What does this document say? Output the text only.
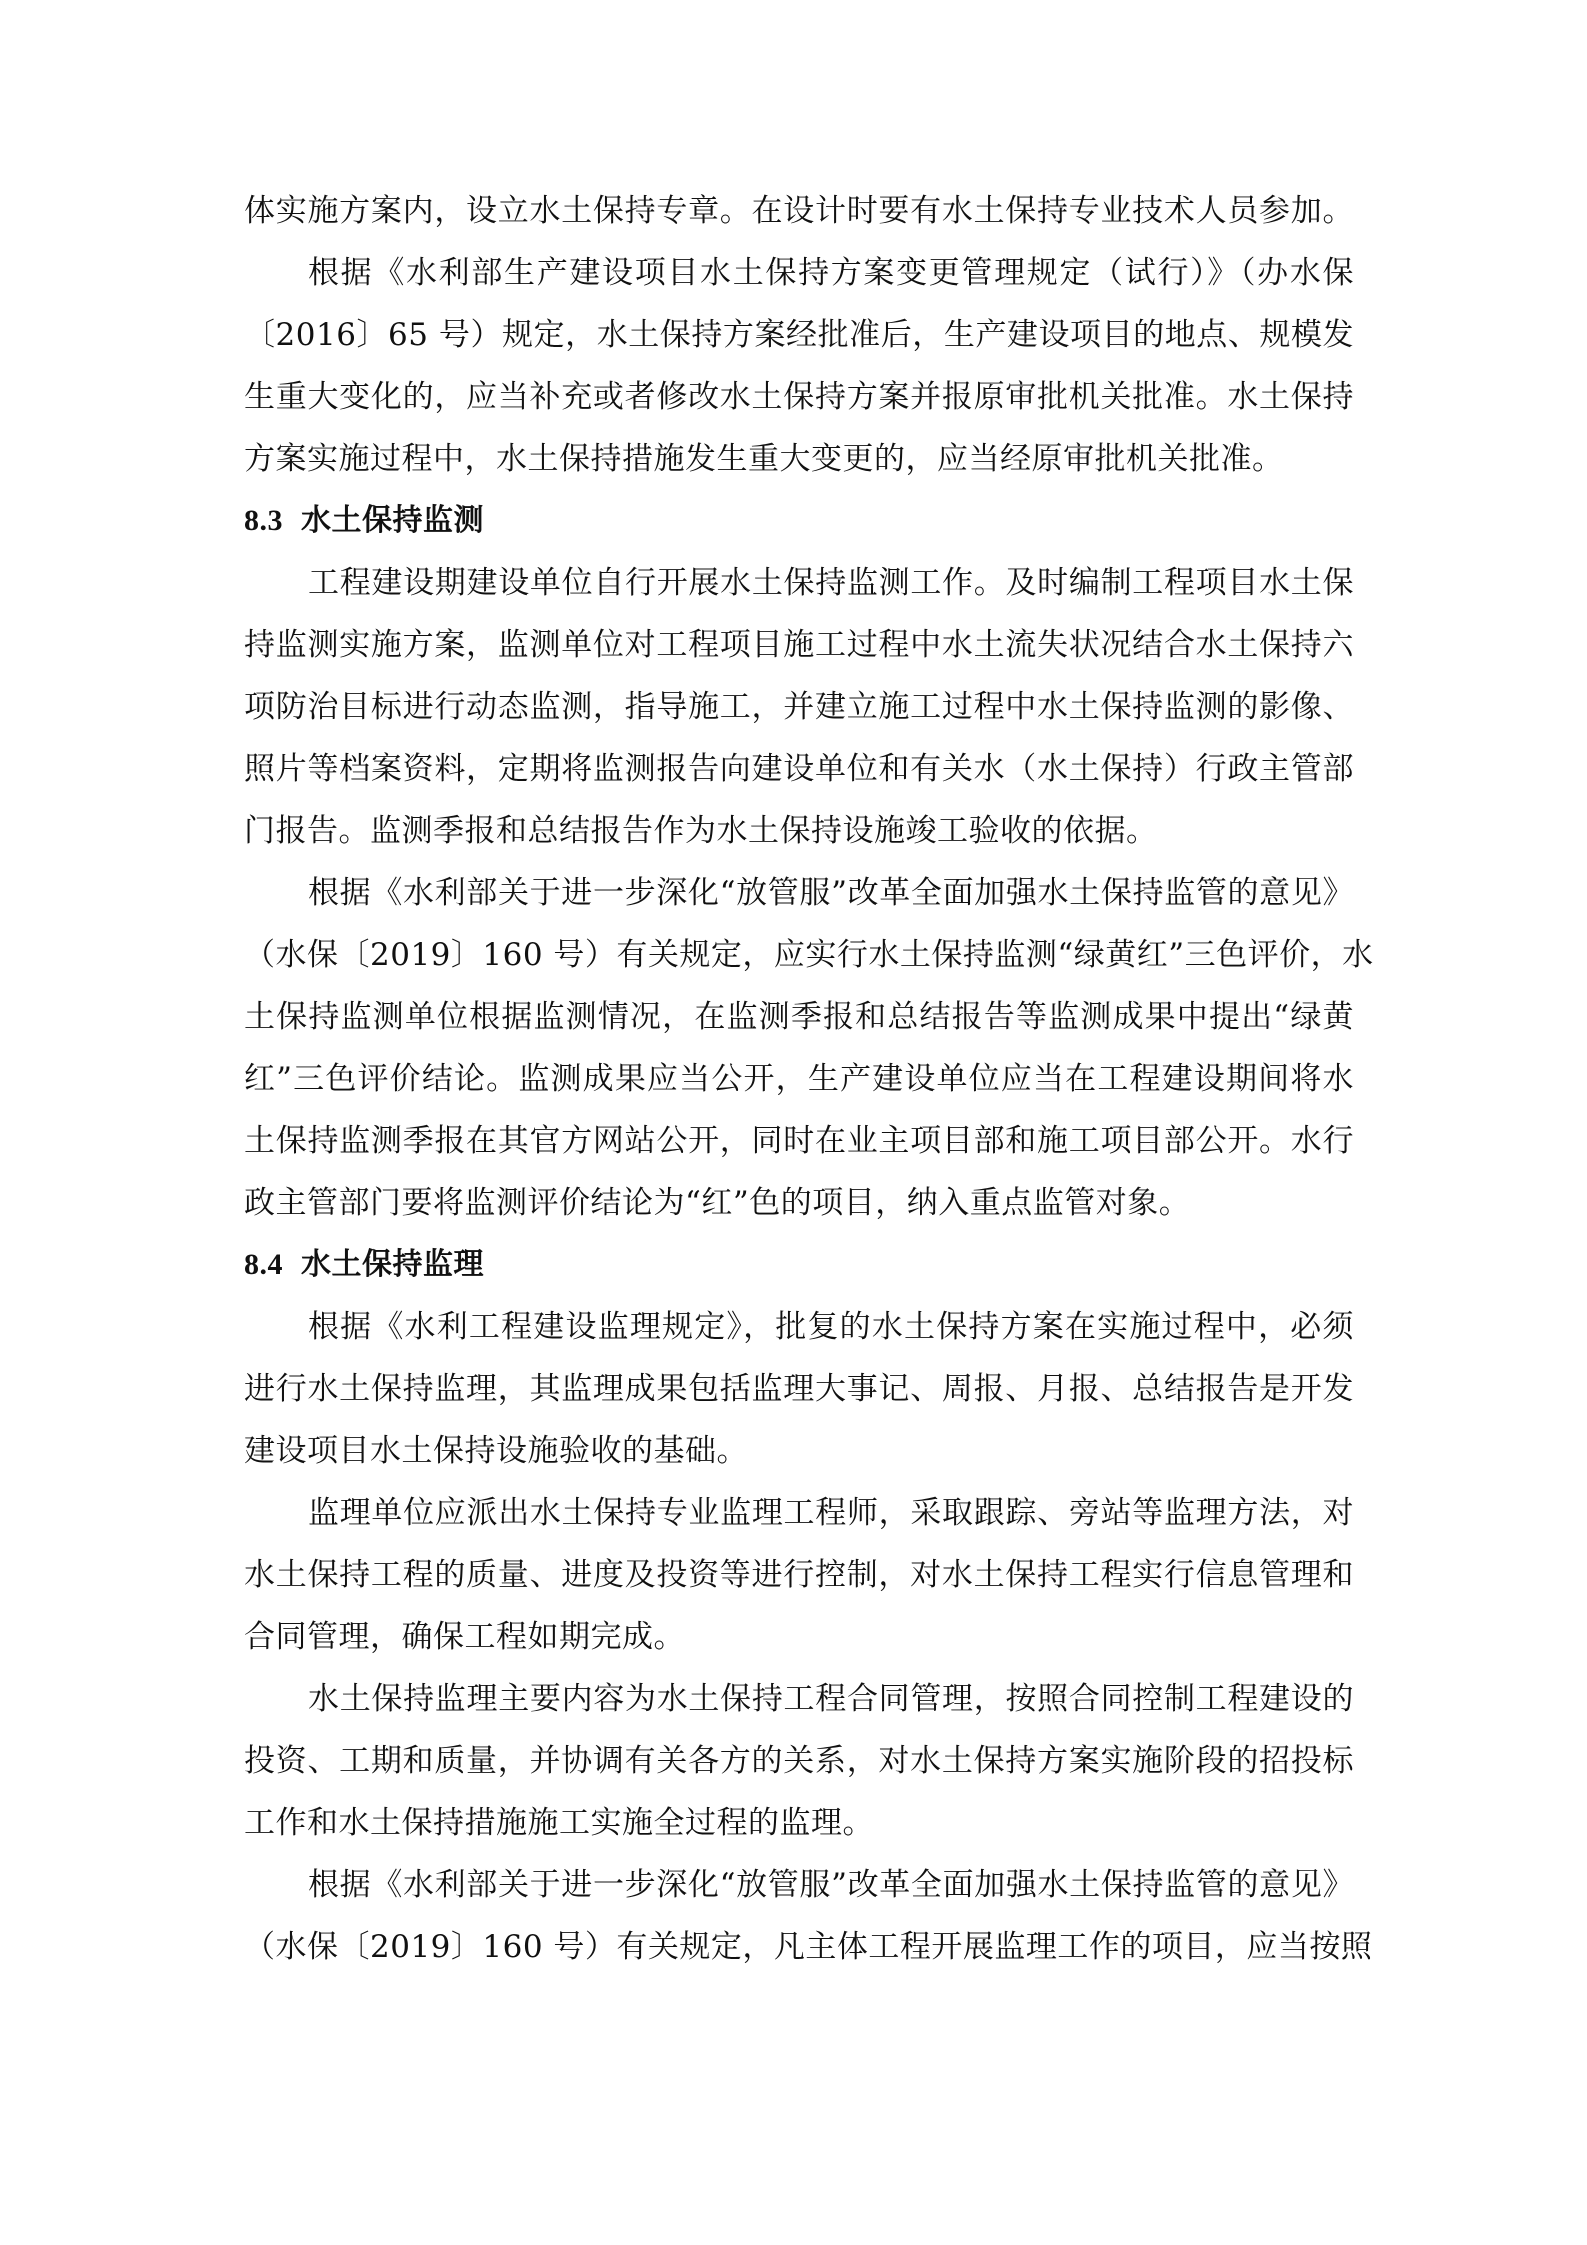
体实施方案内，设立水土保持专章。在设计时要有水土保持专业技术人员参加。
根据《水利部生产建设项目水土保持方案变更管理规定（试行）》（办水保
〔2016〕65 号）规定，水土保持方案经批准后，生产建设项目的地点、规模发
生重大变化的，应当补充或者修改水土保持方案并报原审批机关批准。水土保持
方案实施过程中，水土保持措施发生重大变更的，应当经原审批机关批准。
8.3 水土保持监测
工程建设期建设单位自行开展水土保持监测工作。及时编制工程项目水土保
持监测实施方案，监测单位对工程项目施工过程中水土流失状况结合水土保持六
项防治目标进行动态监测，指导施工，并建立施工过程中水土保持监测的影像、
照片等档案资料，定期将监测报告向建设单位和有关水（水土保持）行政主管部
门报告。监测季报和总结报告作为水土保持设施竣工验收的依据。
根据《水利部关于进一步深化“放管服”改革全面加强水土保持监管的意见》
（水保〔2019〕160 号）有关规定，应实行水土保持监测“绿黄红”三色评价，水
土保持监测单位根据监测情况，在监测季报和总结报告等监测成果中提出“绿黄
红”三色评价结论。监测成果应当公开，生产建设单位应当在工程建设期间将水
土保持监测季报在其官方网站公开，同时在业主项目部和施工项目部公开。水行
政主管部门要将监测评价结论为“红”色的项目，纳入重点监管对象。
8.4 水土保持监理
根据《水利工程建设监理规定》，批复的水土保持方案在实施过程中，必须
进行水土保持监理，其监理成果包括监理大事记、周报、月报、总结报告是开发
建设项目水土保持设施验收的基础。
监理单位应派出水土保持专业监理工程师，采取跟踪、旁站等监理方法，对
水土保持工程的质量、进度及投资等进行控制，对水土保持工程实行信息管理和
合同管理，确保工程如期完成。
水土保持监理主要内容为水土保持工程合同管理，按照合同控制工程建设的
投资、工期和质量，并协调有关各方的关系，对水土保持方案实施阶段的招投标
工作和水土保持措施施工实施全过程的监理。
根据《水利部关于进一步深化“放管服”改革全面加强水土保持监管的意见》
（水保〔2019〕160 号）有关规定，凡主体工程开展监理工作的项目，应当按照
